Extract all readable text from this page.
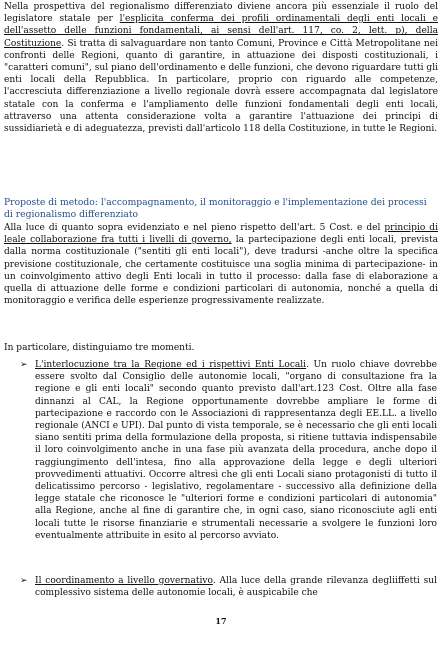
Nella prospettiva del regionalismo differenziato diviene ancora più essenziale il ruolo del legislatore statale per l'esplicita conferma dei profili ordinamentali degli enti locali e dell'assetto delle funzioni fondamentali, ai sensi dell'art. 117, co. 2, lett. p), della Costituzione. Si tratta di salvaguardare non tanto Comuni, Province e Città Metropolitane nei confronti delle Regioni, quanto di garantire, in attuazione dei disposti costituzionali, i "caratteri comuni", sul piano dell'ordinamento e delle funzioni, che devono riguardare tutti gli enti locali della Repubblica. In particolare, proprio con riguardo alle competenze, l'accresciuta differenziazione a livello regionale dovrà essere accompagnata dal legislatore statale con la conferma e l'ampliamento delle funzioni fondamentali degli enti locali, attraverso una attenta considerazione volta a garantire l'attuazione dei principi di sussidiarietà e di adeguatezza, previsti dall'articolo 118 della Costituzione, in tutte le Regioni.

Proposte di metodo: l'accompagnamento, il monitoraggio e l'implementazione dei processi di regionalismo differenziato

Alla luce di quanto sopra evidenziato e nel pieno rispetto dell'art. 5 Cost. e del principio di leale collaborazione fra tutti i livelli di governo, la partecipazione degli enti locali, prevista dalla norma costituzionale ("sentiti gli enti locali"), deve tradursi -anche oltre la specifica previsione costituzionale, che certamente costituisce una soglia minima di partecipazione- in un coinvolgimento attivo degli Enti locali in tutto il processo: dalla fase di elaborazione a quella di attuazione delle forme e condizioni particolari di autonomia, nonché a quella di monitoraggio e verifica delle esperienze progressivamente realizzate.

In particolare, distinguiamo tre momenti.

➢ L'interlocuzione tra la Regione ed i rispettivi Enti Locali. Un ruolo chiave dovrebbe essere svolto dal Consiglio delle autonomie locali, "organo di consultazione fra la regione e gli enti locali" secondo quanto previsto dall'art.123 Cost. Oltre alla fase dinnanzi al CAL, la Regione opportunamente dovrebbe ampliare le forme di partecipazione e raccordo con le Associazioni di rappresentanza degli EE.LL. a livello regionale (ANCI e UPI). Dal punto di vista temporale, se è necessario che gli enti locali siano sentiti prima della formulazione della proposta, si ritiene tuttavia indispensabile il loro coinvolgimento anche in una fase più avanzata della procedura, anche dopo il raggiungimento dell'intesa, fino alla approvazione della legge e degli ulteriori provvedimenti attuativi. Occorre altresì che gli enti Locali siano protagonisti di tutto il delicatissimo percorso - legislativo, regolamentare - successivo alla definizione della legge statale che riconosce le "ulteriori forme e condizioni particolari di autonomia" alla Regione, anche al fine di garantire che, in ogni caso, siano riconosciute agli enti locali tutte le risorse finanziarie e strumentali necessarie a svolgere le funzioni loro eventualmente attribuite in esito al percorso avviato.

➢ Il coordinamento a livello governativo. Alla luce della grande rilevanza degliiffetti sul complessivo sistema delle autonomie locali, è auspicabile che

17
